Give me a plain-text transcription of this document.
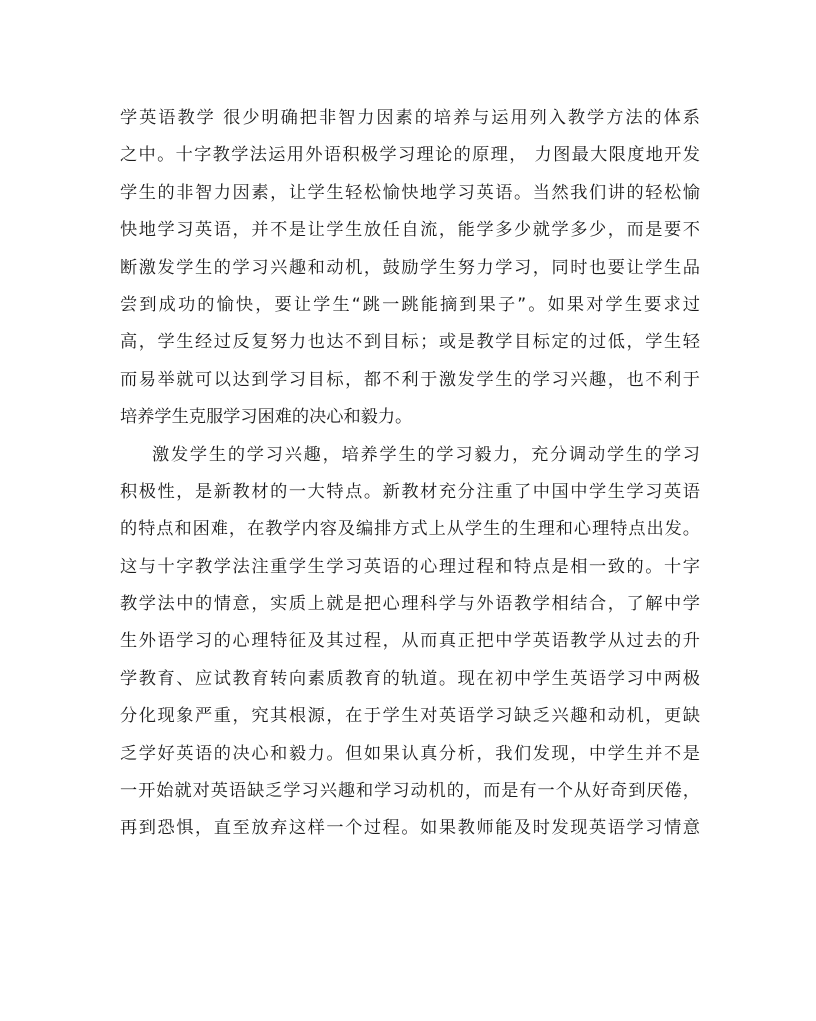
学英语教学 很少明确把非智力因素的培养与运用列入教学方法的体系
之中。十字教学法运用外语积极学习理论的原理， 力图最大限度地开发
学生的非智力因素，让学生轻松愉快地学习英语。当然我们讲的轻松愉
快地学习英语，并不是让学生放任自流，能学多少就学多少，而是要不
断激发学生的学习兴趣和动机，鼓励学生努力学习，同时也要让学生品
尝到成功的愉快，要让学生“跳一跳能摘到果子”。如果对学生要求过
高，学生经过反复努力也达不到目标；或是教学目标定的过低，学生轻
而易举就可以达到学习目标，都不利于激发学生的学习兴趣，也不利于
培养学生克服学习困难的决心和毅力。
激发学生的学习兴趣，培养学生的学习毅力，充分调动学生的学习
积极性，是新教材的一大特点。新教材充分注重了中国中学生学习英语
的特点和困难，在教学内容及编排方式上从学生的生理和心理特点出发。
这与十字教学法注重学生学习英语的心理过程和特点是相一致的。十字
教学法中的情意，实质上就是把心理科学与外语教学相结合，了解中学
生外语学习的心理特征及其过程，从而真正把中学英语教学从过去的升
学教育、应试教育转向素质教育的轨道。现在初中学生英语学习中两极
分化现象严重，究其根源，在于学生对英语学习缺乏兴趣和动机，更缺
乏学好英语的决心和毅力。但如果认真分析，我们发现，中学生并不是
一开始就对英语缺乏学习兴趣和学习动机的，而是有一个从好奇到厌倦，
再到恐惧，直至放弃这样一个过程。如果教师能及时发现英语学习情意
